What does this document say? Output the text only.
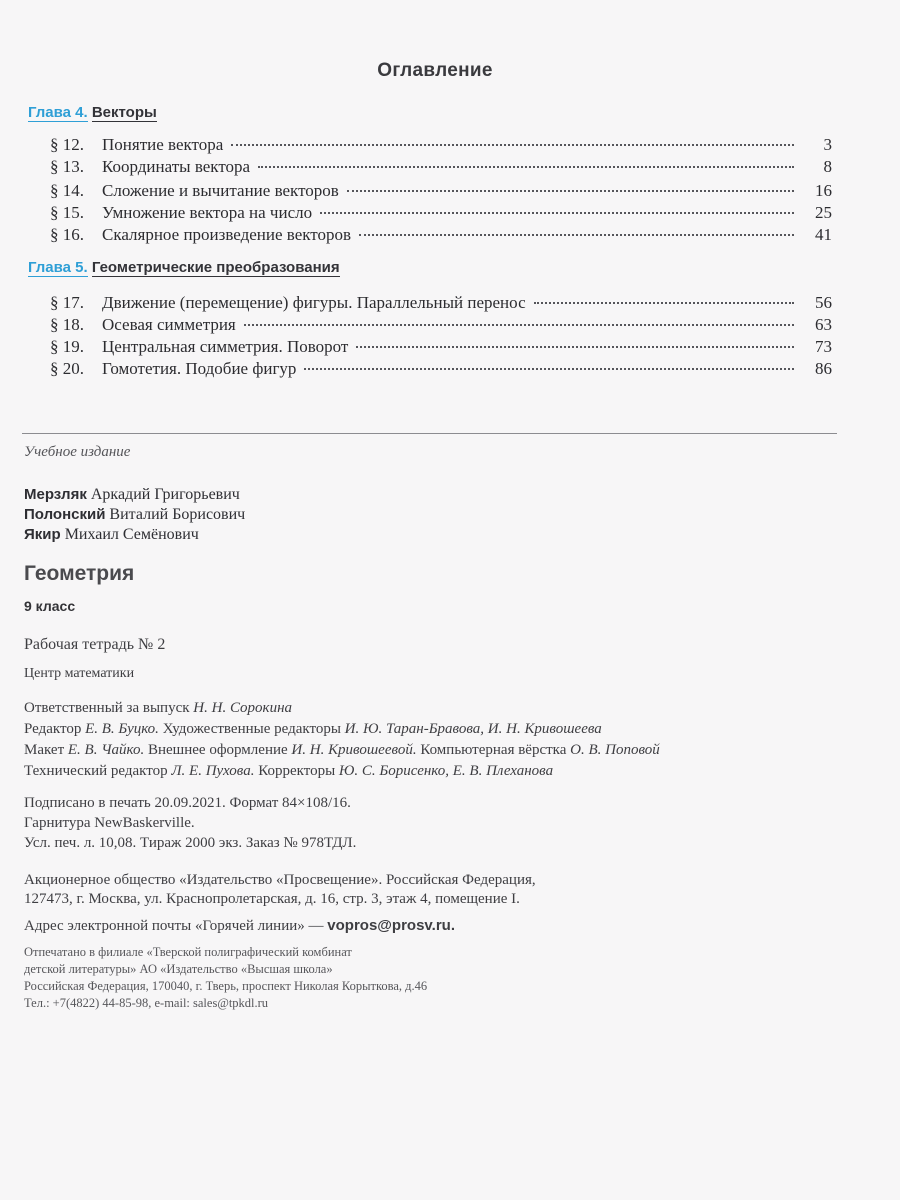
Оглавление
Глава 4. Векторы
§ 12.	Понятие вектора	3
§ 13.	Координаты вектора	8
§ 14.	Сложение и вычитание векторов	16
§ 15.	Умножение вектора на число	25
§ 16.	Скалярное произведение векторов	41
Глава 5. Геометрические преобразования
§ 17.	Движение (перемещение) фигуры. Параллельный перенос	56
§ 18.	Осевая симметрия	63
§ 19.	Центральная симметрия. Поворот	73
§ 20.	Гомотетия. Подобие фигур	86
Учебное издание
Мерзляк Аркадий Григорьевич
Полонский Виталий Борисович
Якир Михаил Семёнович
Геометрия
9 класс
Рабочая тетрадь № 2
Центр математики
Ответственный за выпуск Н. Н. Сорокина
Редактор Е. В. Буцко. Художественные редакторы И. Ю. Таран-Бравова, И. Н. Кривошеева
Макет Е. В. Чайко. Внешнее оформление И. Н. Кривошеевой. Компьютерная вёрстка О. В. Поповой
Технический редактор Л. Е. Пухова. Корректоры Ю. С. Борисенко, Е. В. Плеханова
Подписано в печать 20.09.2021. Формат 84×108/16.
Гарнитура NewBaskerville.
Усл. печ. л. 10,08. Тираж 2000 экз. Заказ № 978ТДЛ.
Акционерное общество «Издательство «Просвещение». Российская Федерация,
127473, г. Москва, ул. Краснопролетарская, д. 16, стр. 3, этаж 4, помещение I.
Адрес электронной почты «Горячей линии» — vopros@prosv.ru.
Отпечатано в филиале «Тверской полиграфический комбинат
детской литературы» АО «Издательство «Высшая школа»
Российская Федерация, 170040, г. Тверь, проспект Николая Корыткова, д.46
Тел.: +7(4822) 44-85-98, e-mail: sales@tpkdl.ru
